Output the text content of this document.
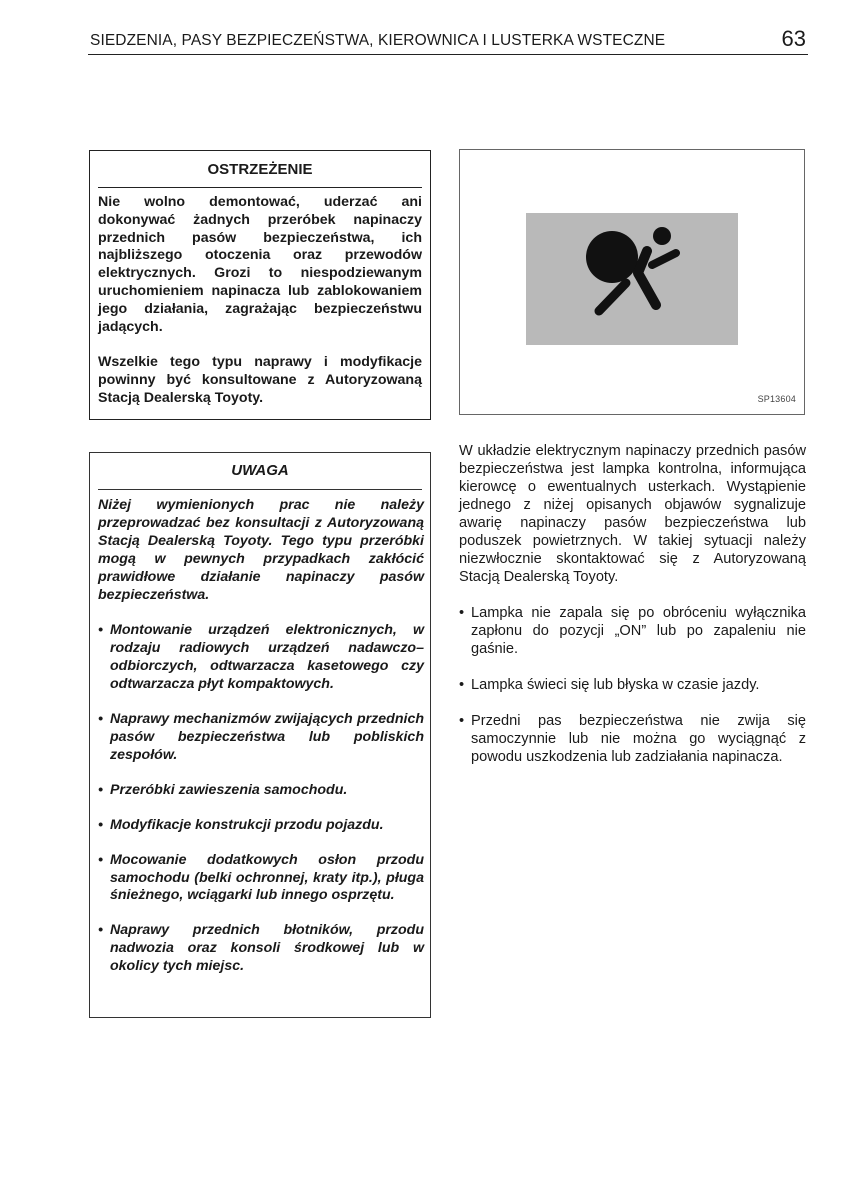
SIEDZENIA, PASY BEZPIECZEŃSTWA, KIEROWNICA I LUSTERKA WSTECZNE	63
OSTRZEŻENIE

Nie wolno demontować, uderzać ani dokonywać żadnych przeróbek napinaczy przednich pasów bezpieczeństwa, ich najbliższego otoczenia oraz przewodów elektrycznych. Grozi to niespodziewanym uruchomieniem napinacza lub zablokowaniem jego działania, zagrażając bezpieczeństwu jadących.

Wszelkie tego typu naprawy i modyfikacje powinny być konsultowane z Autoryzowaną Stacją Dealerską Toyoty.

UWAGA

Niżej wymienionych prac nie należy przeprowadzać bez konsultacji z Autoryzowaną Stacją Dealerską Toyoty. Tego typu przeróbki mogą w pewnych przypadkach zakłócić prawidłowe działanie napinaczy pasów bezpieczeństwa.

• Montowanie urządzeń elektronicznych, w rodzaju radiowych urządzeń nadawczo–odbiorczych, odtwarzacza kasetowego czy odtwarzacza płyt kompaktowych.
• Naprawy mechanizmów zwijających przednich pasów bezpieczeństwa lub pobliskich zespołów.
• Przeróbki zawieszenia samochodu.
• Modyfikacje konstrukcji przodu pojazdu.
• Mocowanie dodatkowych osłon przodu samochodu (belki ochronnej, kraty itp.), pługa śnieżnego, wciągarki lub innego osprzętu.
• Naprawy przednich błotników, przodu nadwozia oraz konsoli środkowej lub w okolicy tych miejsc.
SP13604

W układzie elektrycznym napinaczy przednich pasów bezpieczeństwa jest lampka kontrolna, informująca kierowcę o ewentualnych usterkach. Wystąpienie jednego z niżej opisanych objawów sygnalizuje awarię napinaczy pasów bezpieczeństwa lub poduszek powietrznych. W takiej sytuacji należy niezwłocznie skontaktować się z Autoryzowaną Stacją Dealerską Toyoty.

• Lampka nie zapala się po obróceniu wyłącznika zapłonu do pozycji „ON” lub po zapaleniu nie gaśnie.
• Lampka świeci się lub błyska w czasie jazdy.
• Przedni pas bezpieczeństwa nie zwija się samoczynnie lub nie można go wyciągnąć z powodu uszkodzenia lub zadziałania napinacza.
